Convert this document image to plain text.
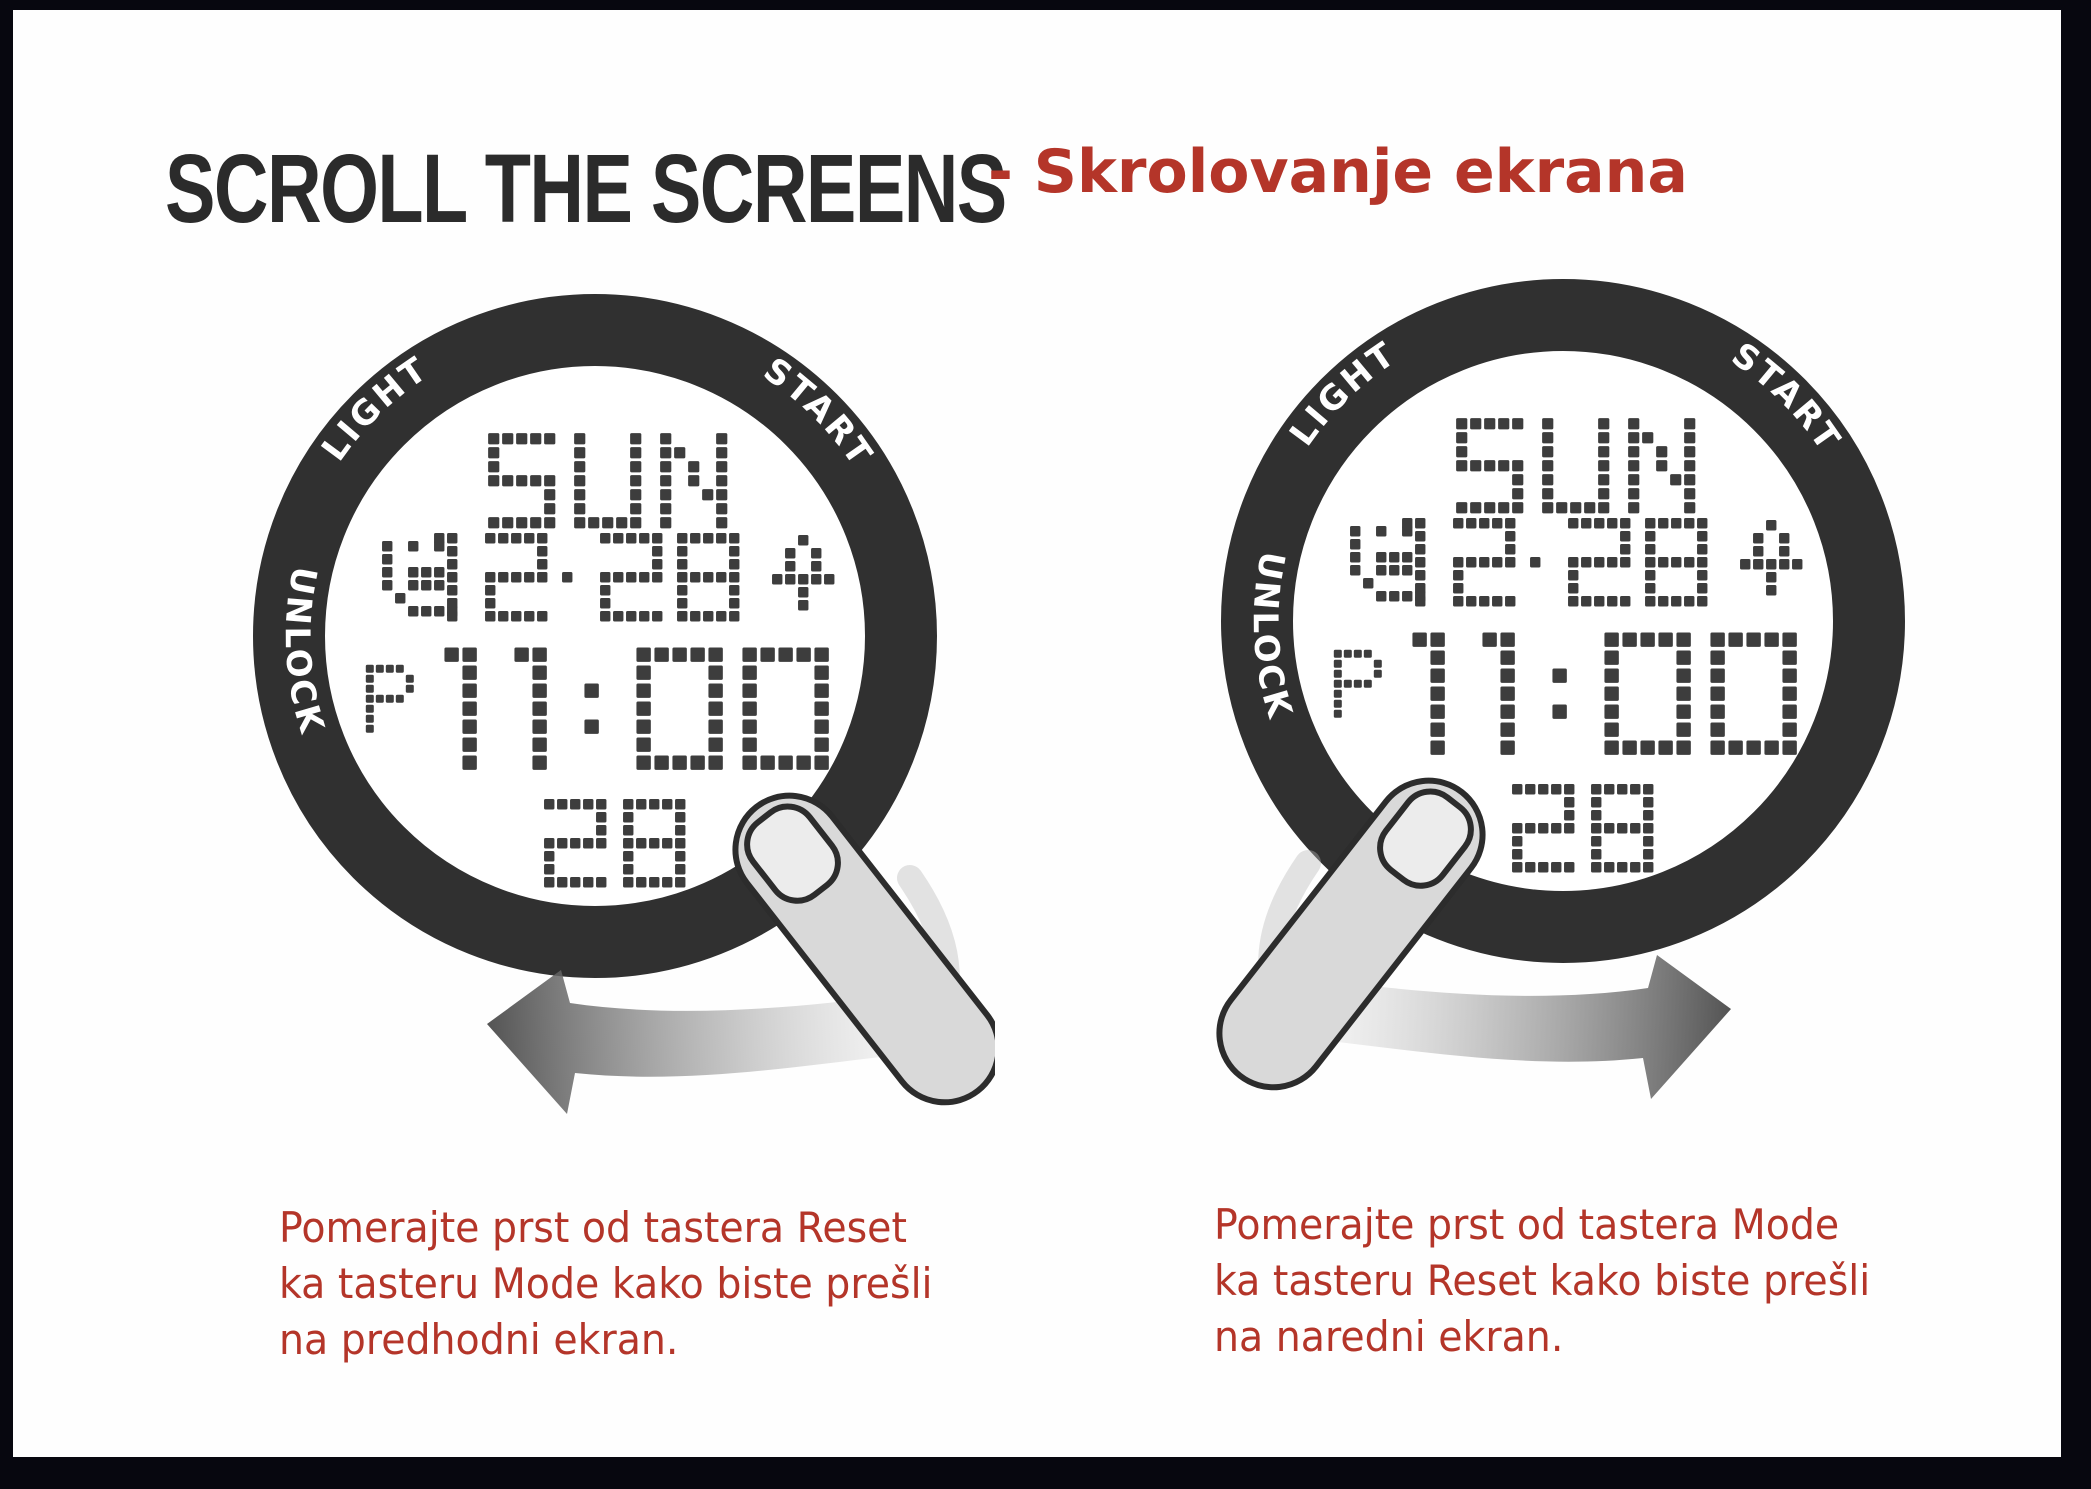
SCROLL THE SCREENS
- Skrolovanje ekrana
LIGHT	START
UNLOCK
LIGHT	START
UNLOCK
Pomerajte prst od tastera Reset
ka tasteru Mode kako biste prešli
na predhodni ekran.
Pomerajte prst od tastera Mode
ka tasteru Reset kako biste prešli
na naredni ekran.
